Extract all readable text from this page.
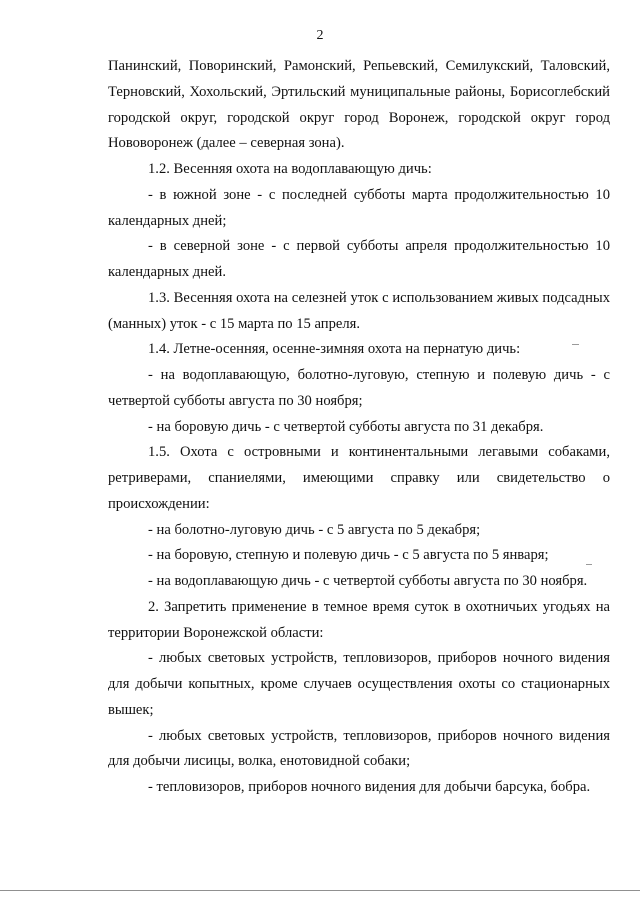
2

Панинский, Поворинский, Рамонский, Репьевский, Семилукский, Таловский, Терновский, Хохольский, Эртильский муниципальные районы, Борисоглебский городской округ, городской округ город Воронеж, городской округ город Нововоронеж (далее – северная зона).

1.2. Весенняя охота на водоплавающую дичь:

- в южной зоне - с последней субботы марта продолжительностью 10 календарных дней;

- в северной зоне - с первой субботы апреля продолжительностью 10 календарных дней.

1.3. Весенняя охота на селезней уток с использованием живых подсадных (манных) уток - с 15 марта по 15 апреля.

1.4. Летне-осенняя, осенне-зимняя охота на пернатую дичь:

- на водоплавающую, болотно-луговую, степную и полевую дичь - с четвертой субботы августа по 30 ноября;

- на боровую дичь - с четвертой субботы августа по 31 декабря.

1.5. Охота с островными и континентальными легавыми собаками, ретриверами, спаниелями, имеющими справку или свидетельство о происхождении:

- на болотно-луговую дичь - с 5 августа по 5 декабря;

- на боровую, степную и полевую дичь - с 5 августа по 5 января;

- на водоплавающую дичь - с четвертой субботы августа по 30 ноября.

2. Запретить применение в темное время суток в охотничьих угодьях на территории Воронежской области:

- любых световых устройств, тепловизоров, приборов ночного видения для добычи копытных, кроме случаев осуществления охоты со стационарных вышек;

- любых световых устройств, тепловизоров, приборов ночного видения для добычи лисицы, волка, енотовидной собаки;

- тепловизоров, приборов ночного видения для добычи барсука, бобра.
